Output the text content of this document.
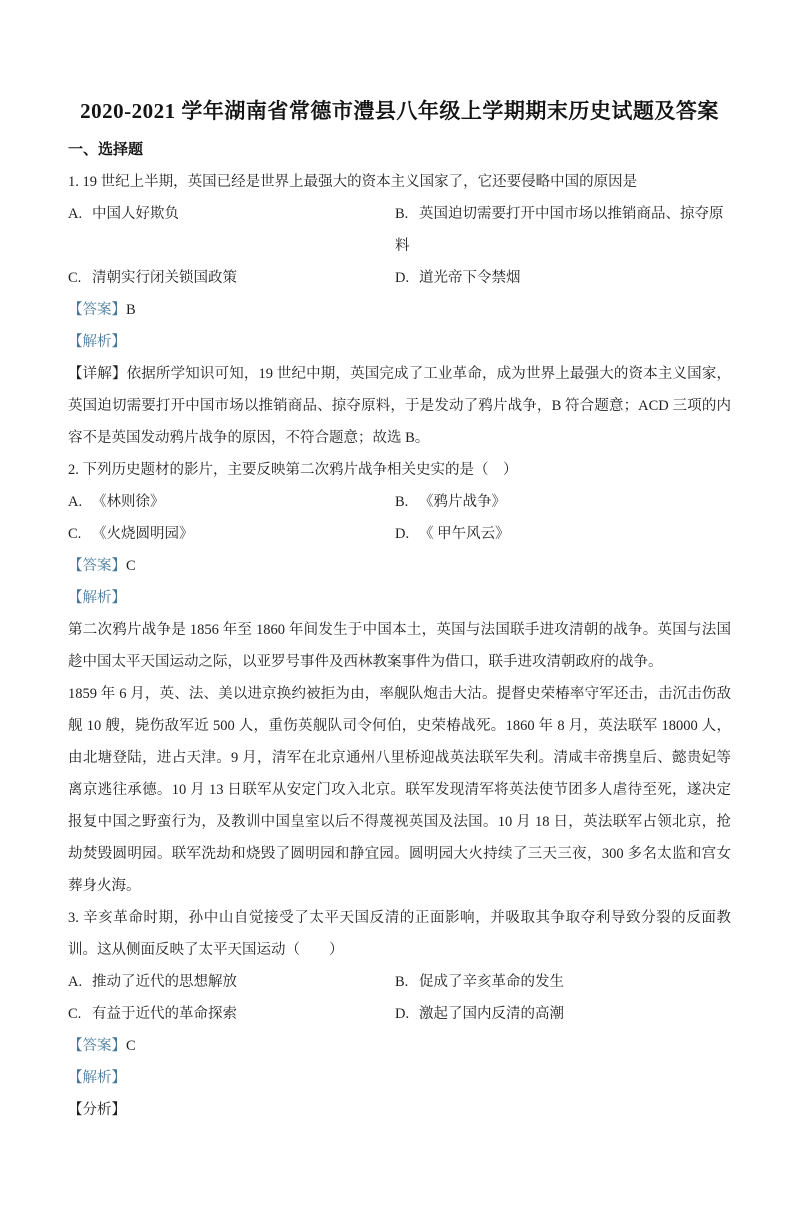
2020-2021 学年湖南省常德市澧县八年级上学期期末历史试题及答案
一、选择题

1. 19 世纪上半期，英国已经是世界上最强大的资本主义国家了，它还要侵略中国的原因是

A. 中国人好欺负	B. 英国迫切需要打开中国市场以推销商品、掠夺原料
C. 清朝实行闭关锁国政策	D. 道光帝下令禁烟

【答案】B

【解析】

【详解】依据所学知识可知，19 世纪中期，英国完成了工业革命，成为世界上最强大的资本主义国家，英国迫切需要打开中国市场以推销商品、掠夺原料，于是发动了鸦片战争，B 符合题意；ACD 三项的内容不是英国发动鸦片战争的原因，不符合题意；故选 B。

2. 下列历史题材的影片，主要反映第二次鸦片战争相关史实的是（　）

A. 《林则徐》	B. 《鸦片战争》
C. 《火烧圆明园》	D. 《 甲午风云》

【答案】C

【解析】

第二次鸦片战争是 1856 年至 1860 年间发生于中国本土，英国与法国联手进攻清朝的战争。英国与法国趁中国太平天国运动之际，以亚罗号事件及西林教案事件为借口，联手进攻清朝政府的战争。

1859 年 6 月，英、法、美以进京换约被拒为由，率舰队炮击大沽。提督史荣椿率守军还击，击沉击伤敌舰 10 艘，毙伤敌军近 500 人，重伤英舰队司令何伯，史荣椿战死。1860 年 8 月，英法联军 18000 人，由北塘登陆，进占天津。9 月，清军在北京通州八里桥迎战英法联军失利。清咸丰帝携皇后、懿贵妃等离京逃往承德。10 月 13 日联军从安定门攻入北京。联军发现清军将英法使节团多人虐待至死，遂决定报复中国之野蛮行为，及教训中国皇室以后不得蔑视英国及法国。10 月 18 日，英法联军占领北京，抢劫焚毁圆明园。联军洗劫和烧毁了圆明园和静宜园。圆明园大火持续了三天三夜，300 多名太监和宫女葬身火海。

3. 辛亥革命时期，孙中山自觉接受了太平天国反清的正面影响，并吸取其争取夺利导致分裂的反面教训。这从侧面反映了太平天国运动（　　）

A. 推动了近代的思想解放	B. 促成了辛亥革命的发生
C. 有益于近代的革命探索	D. 激起了国内反清的高潮

【答案】C

【解析】

【分析】
